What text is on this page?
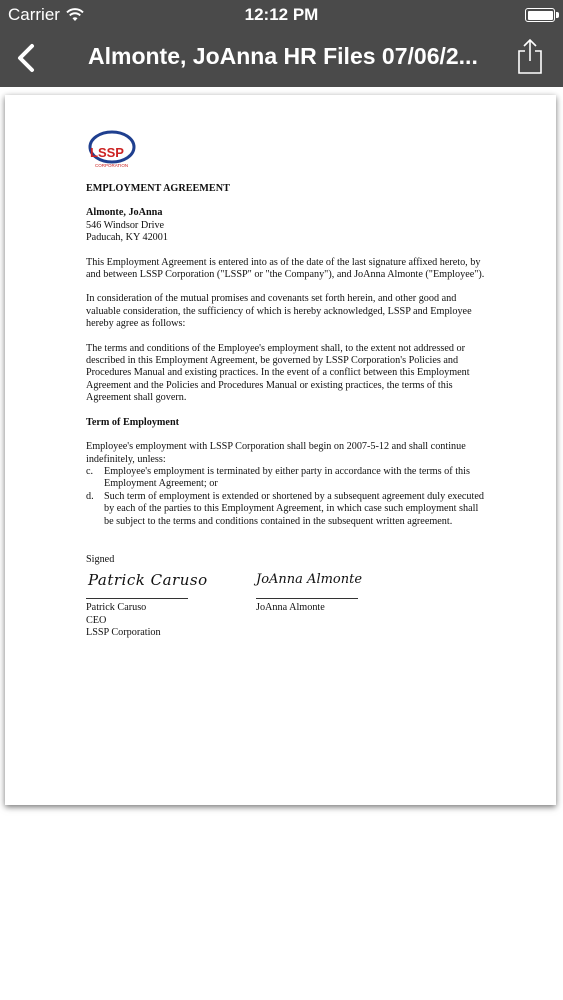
Carrier	12:12 PM
Almonte, JoAnna HR Files 07/06/2...
LSSP
CORPORATION
EMPLOYMENT AGREEMENT
Almonte, JoAnna
546 Windsor Drive
Paducah, KY 42001

This Employment Agreement is entered into as of the date of the last signature affixed hereto, by and between LSSP Corporation ("LSSP" or "the Company"), and JoAnna Almonte ("Employee").

In consideration of the mutual promises and covenants set forth herein, and other good and valuable consideration, the sufficiency of which is hereby acknowledged, LSSP and Employee hereby agree as follows:

The terms and conditions of the Employee's employment shall, to the extent not addressed or described in this Employment Agreement, be governed by LSSP Corporation's Policies and Procedures Manual and existing practices. In the event of a conflict between this Employment Agreement and the Policies and Procedures Manual or existing practices, the terms of this Agreement shall govern.

Term of Employment

Employee's employment with LSSP Corporation shall begin on 2007-5-12 and shall continue indefinitely, unless:

c.	Employee's employment is terminated by either party in accordance with the terms of this Employment Agreement; or
d.	Such term of employment is extended or shortened by a subsequent agreement duly executed by each of the parties to this Employment Agreement, in which case such employment shall be subject to the terms and conditions contained in the subsequent written agreement.
Signed
Patrick Caruso	JoAnna Almonte
Patrick Caruso
CEO
LSSP Corporation
JoAnna Almonte
